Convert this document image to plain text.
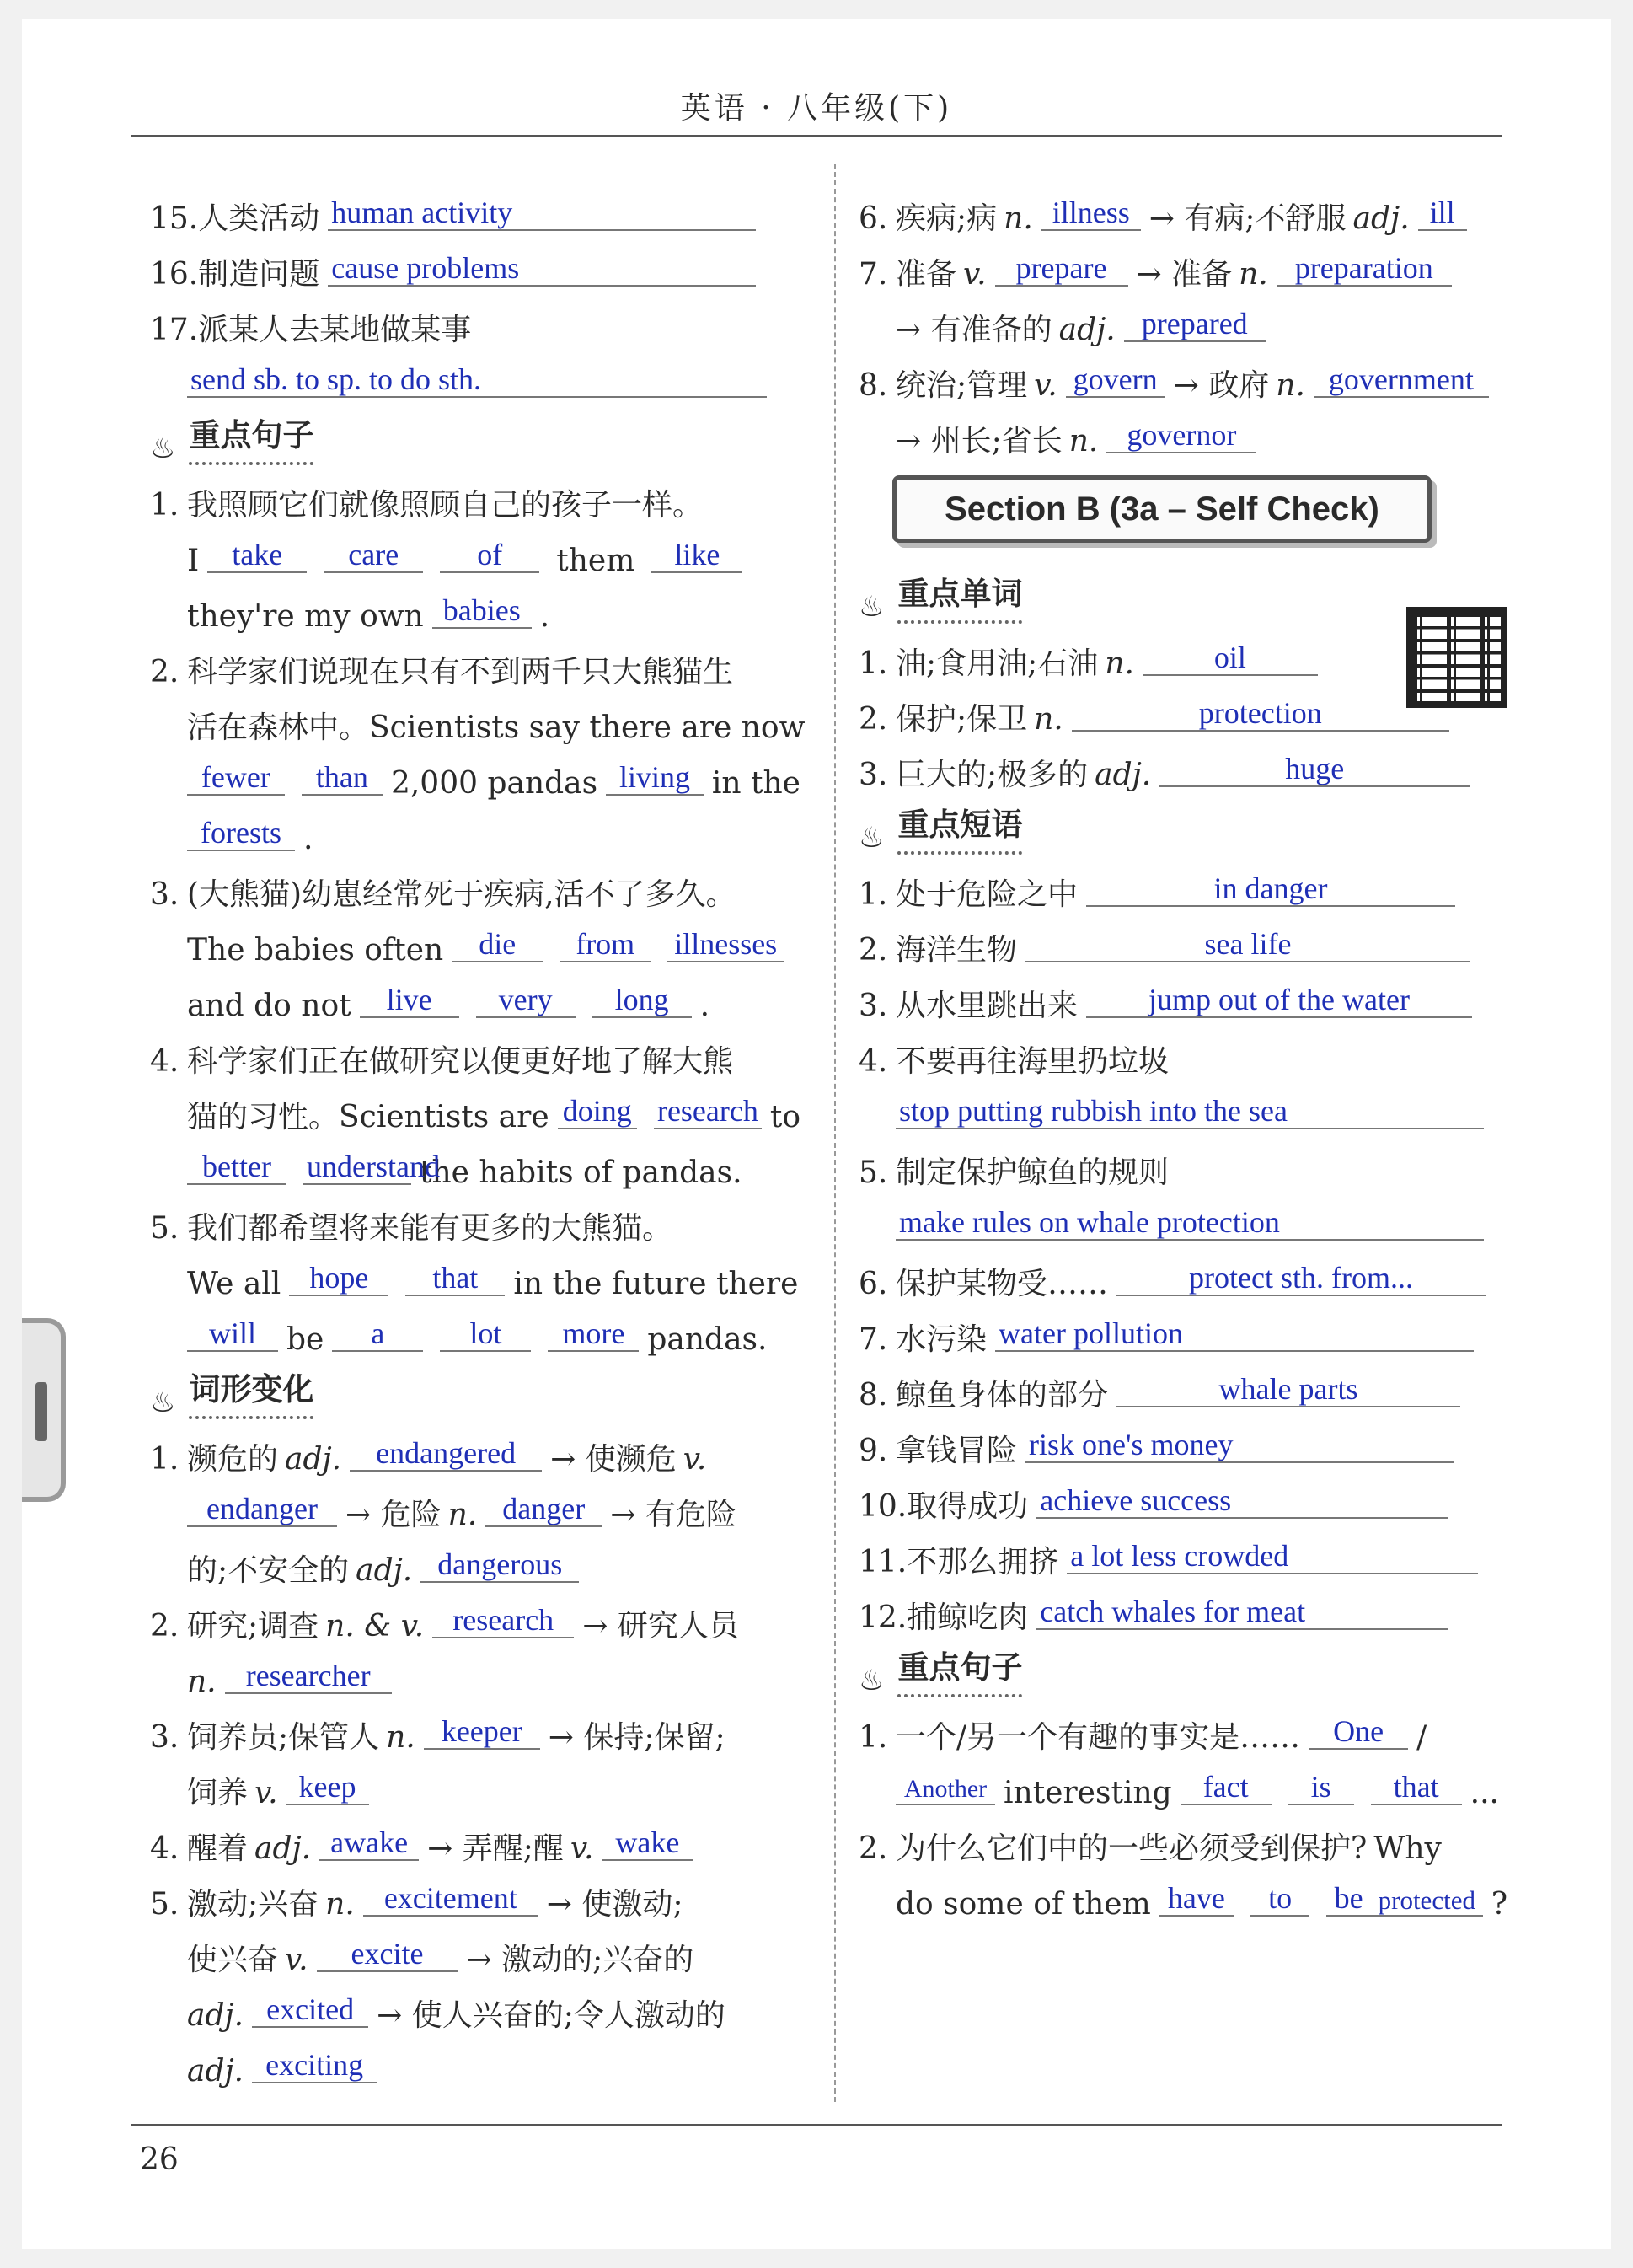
英语 · 八年级(下)
15. 人类活动 human activity
16. 制造问题 cause problems
17. 派某人去某地做某事
send sb. to sp. to do sth.
♨ 重点句子
1. 我照顾它们就像照顾自己的孩子一样。
I	take	care	of	them	like
they're my own babies .
2. 科学家们说现在只有不到两千只大熊猫生
活在森林中。 Scientists say there are now
fewer	than 2,000 pandas living in the
forests .
3. (大熊猫)幼崽经常死于疾病,活不了多久。
The babies often	die	from	illnesses
and do not	live	very	long	.
4. 科学家们正在做研究以便更好地了解大熊
猫的习性。 Scientists are doing research to
better	understand
the habits of pandas.
5. 我们都希望将来能有更多的大熊猫。
We all hope	that	in the future there
will	be	a	lot	more pandas.
♨ 词形变化
1. 濒危的 adj.	endangered	→ 使濒危 v.
endanger → 危险 n. danger → 有危险
的;不安全的 adj. dangerous
2. 研究;调查 n. & v. research → 研究人员
n. researcher
3. 饲养员;保管人 n. keeper → 保持;保留;
饲养 v. keep
4. 醒着 adj. awake → 弄醒;醒 v. wake
5. 激动;兴奋 n. excitement → 使激动;
使兴奋 v.	excite	→ 激动的;兴奋的
adj. excited → 使人兴奋的;令人激动的
adj. exciting
6. 疾病;病 n. illness → 有病;不舒服 adj. ill
7. 准备 v. prepare → 准备 n. preparation
→ 有准备的 adj. prepared
8. 统治;管理 v. govern → 政府 n. government
→ 州长;省长 n. governor
Section B (3a – Self Check)
♨ 重点单词
1. 油;食用油;石油 n.	oil
2. 保护;保卫 n.	protection
3. 巨大的;极多的 adj.	huge
♨ 重点短语
1. 处于危险之中	in danger
2. 海洋生物	sea life
3. 从水里跳出来	jump out of the water
4. 不要再往海里扔垃圾
stop putting rubbish into the sea
5. 制定保护鲸鱼的规则
make rules on whale protection
6. 保护某物受……	protect sth. from...
7. 水污染 water pollution
8. 鲸鱼身体的部分	whale parts
9. 拿钱冒险 risk one's money
10. 取得成功 achieve success
11. 不那么拥挤 a lot less crowded
12. 捕鲸吃肉 catch whales for meat
♨ 重点句子
1. 一个/另一个有趣的事实是……	One	/
Another interesting	fact	is	that	...
2. 为什么它们中的一些必须受到保护? Why
do some of them have	to	be protected ?
26
